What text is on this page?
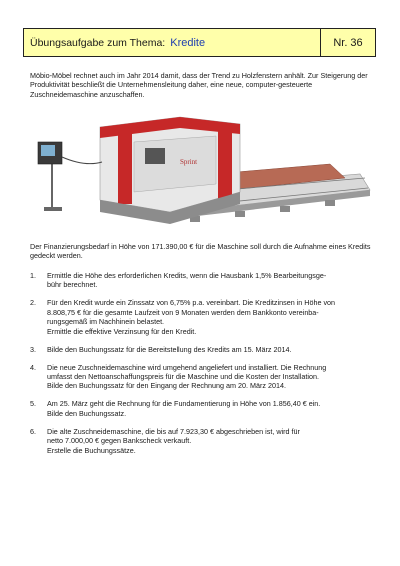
Übungsaufgabe zum Thema: Kredite	Nr. 36
Möbio-Möbel rechnet auch im Jahr 2014 damit, dass der Trend zu Holzfenstern anhält. Zur Steigerung der Produktivität beschließt die Unternehmensleitung daher, eine neue, computer-gesteuerte Zuschneidemaschine anzuschaffen.
Sprint
Der Finanzierungsbedarf in Höhe von 171.390,00 € für die Maschine soll durch die Aufnahme eines Kredits gedeckt werden.
1.	Ermittle die Höhe des erforderlichen Kredits, wenn die Hausbank 1,5% Bearbeitungsge-
bühr berechnet.
2.	Für den Kredit wurde ein Zinssatz von 6,75% p.a. vereinbart. Die Kreditzinsen in Höhe von
8.808,75 € für die gesamte Laufzeit von 9 Monaten werden dem Bankkonto vereinba-
rungsgemäß im Nachhinein belastet.
Ermittle die effektive Verzinsung für den Kredit.
3.	Bilde den Buchungssatz für die Bereitstellung des Kredits am 15. März 2014.
4.	Die neue Zuschneidemaschine wird umgehend angeliefert und installiert. Die Rechnung
umfasst den Nettoanschaffungspreis für die Maschine und die Kosten der Installation.
Bilde den Buchungssatz für den Eingang der Rechnung am 20. März 2014.
5.	Am 25. März geht die Rechnung für die Fundamentierung in Höhe von 1.856,40 € ein.
Bilde den Buchungssatz.
6.	Die alte Zuschneidemaschine, die bis auf 7.923,30 € abgeschrieben ist, wird für
netto 7.000,00 € gegen Bankscheck verkauft.
Erstelle die Buchungssätze.
